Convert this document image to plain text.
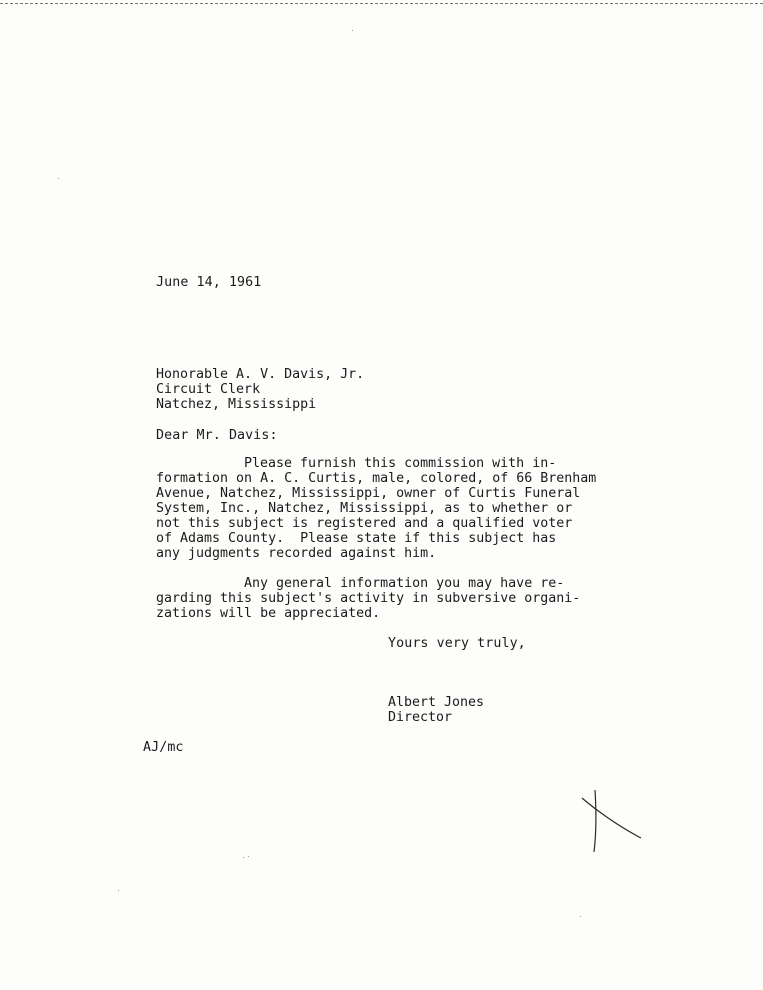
June 14, 1961
Honorable A. V. Davis, Jr.
Circuit Clerk
Natchez, Mississippi
Dear Mr. Davis:
Please furnish this commission with in-
formation on A. C. Curtis, male, colored, of 66 Brenham
Avenue, Natchez, Mississippi, owner of Curtis Funeral
System, Inc., Natchez, Mississippi, as to whether or
not this subject is registered and a qualified voter
of Adams County.  Please state if this subject has
any judgments recorded against him.
Any general information you may have re-
garding this subject's activity in subversive organi-
zations will be appreciated.
Yours very truly,
Albert Jones
Director
AJ/mc
